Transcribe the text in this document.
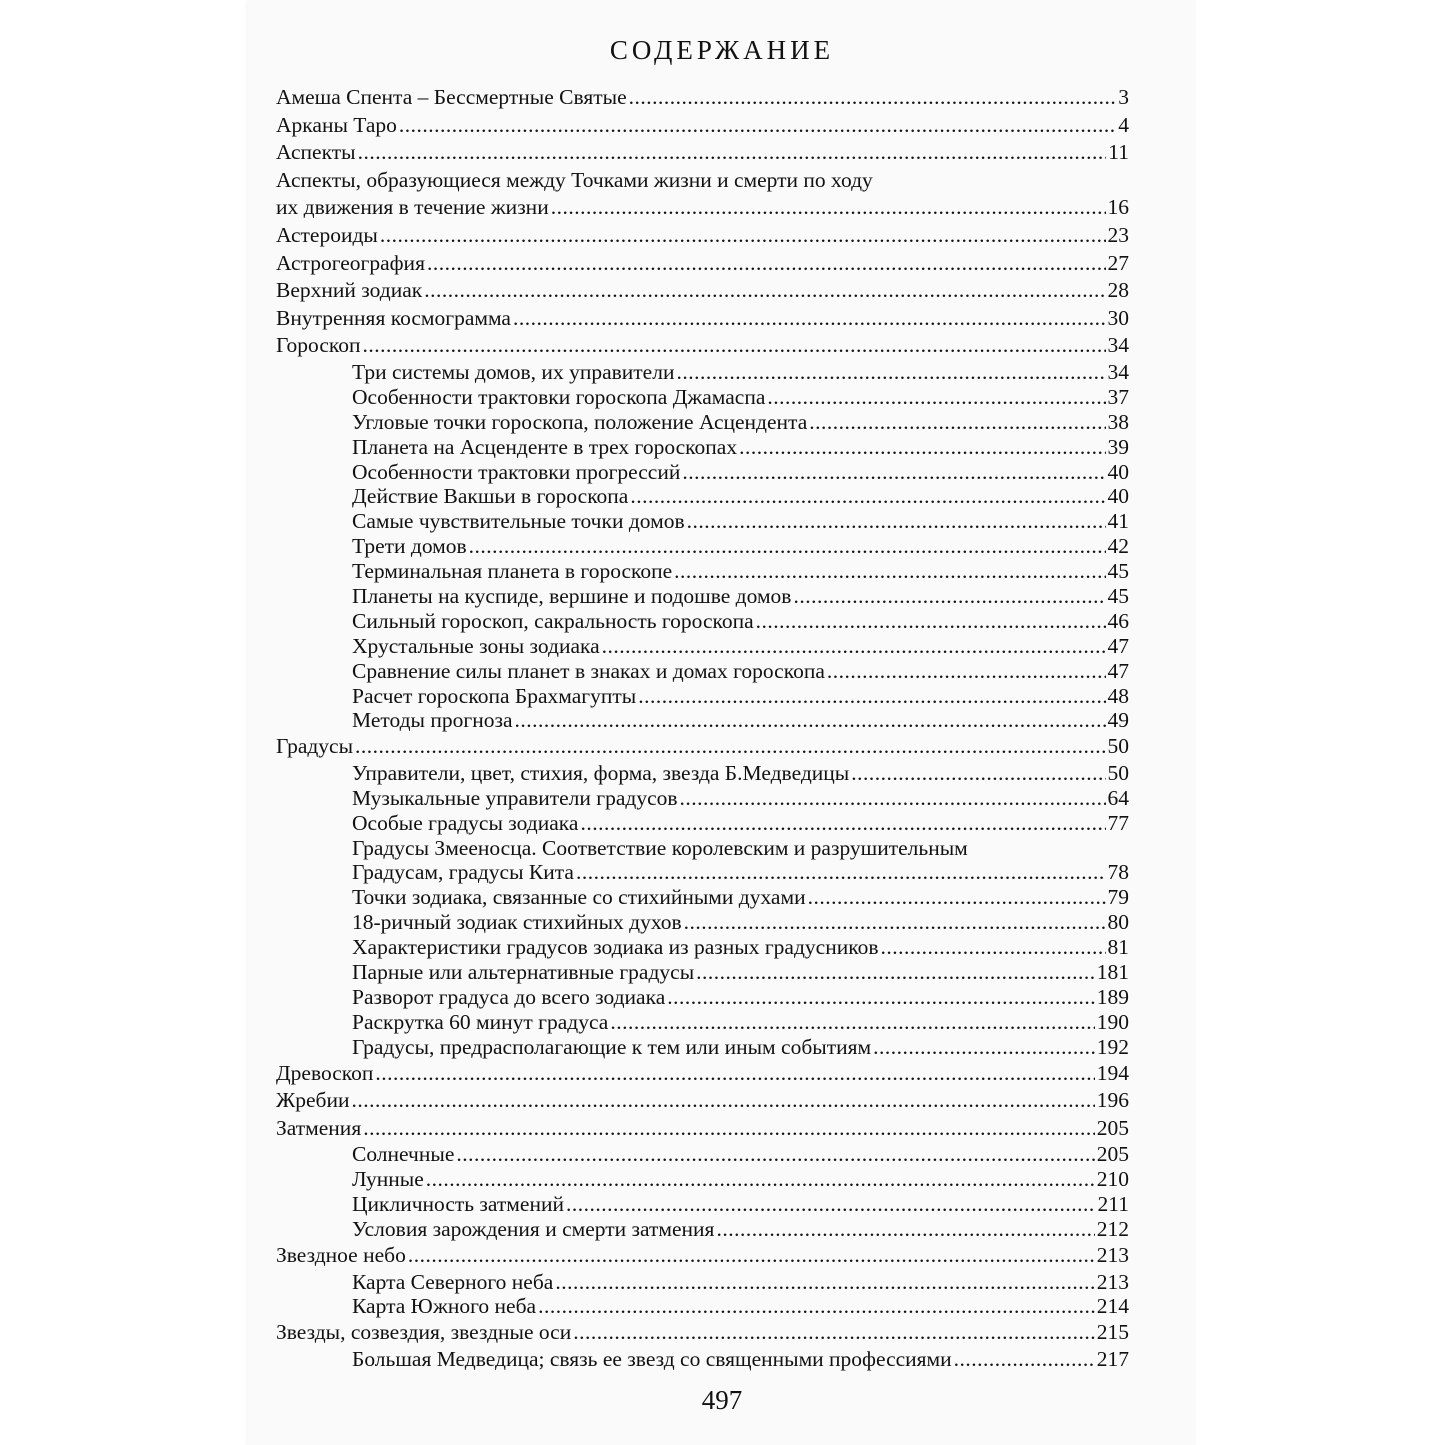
СОДЕРЖАНИЕ
Амеша Спента – Бессмертные Святые .....	3
Арканы Таро .....	4
Аспекты .....	11
Аспекты, образующиеся между Точками жизни и смерти по ходу
их движения в течение жизни .....	16
Астероиды .....	23
Астрогеография .....	27
Верхний зодиак .....	28
Внутренняя космограмма .....	30
Гороскоп .....	34
Три системы домов, их управители .....	34
Особенности трактовки гороскопа Джамаспа .....	37
Угловые точки гороскопа, положение Асцендента .....	38
Планета на Асценденте в трех гороскопах .....	39
Особенности трактовки прогрессий .....	40
Действие Вакшьи в гороскопа .....	40
Самые чувствительные точки домов .....	41
Трети домов .....	42
Терминальная планета в гороскопе .....	45
Планеты на куспиде, вершине и подошве домов .....	45
Сильный гороскоп, сакральность гороскопа .....	46
Хрустальные зоны зодиака .....	47
Сравнение силы планет в знаках и домах гороскопа .....	47
Расчет гороскопа Брахмагупты .....	48
Методы прогноза .....	49
Градусы .....	50
Управители, цвет, стихия, форма, звезда Б.Медведицы .....	50
Музыкальные управители градусов .....	64
Особые градусы зодиака .....	77
Градусы Змееносца. Соответствие королевским и разрушительным
Градусам, градусы Кита .....	78
Точки зодиака, связанные со стихийными духами .....	79
18-ричный зодиак стихийных духов .....	80
Характеристики градусов зодиака из разных градусников .....	81
Парные или альтернативные градусы .....	181
Разворот градуса до всего зодиака .....	189
Раскрутка 60 минут градуса .....	190
Градусы, предрасполагающие к тем или иным событиям .....	192
Древоскоп .....	194
Жребии .....	196
Затмения .....	205
Солнечные .....	205
Лунные .....	210
Цикличность затмений .....	211
Условия зарождения и смерти затмения .....	212
Звездное небо .....	213
Карта Северного неба .....	213
Карта Южного неба .....	214
Звезды, созвездия, звездные оси .....	215
Большая Медведица; связь ее звезд со священными профессиями .....	217
497
